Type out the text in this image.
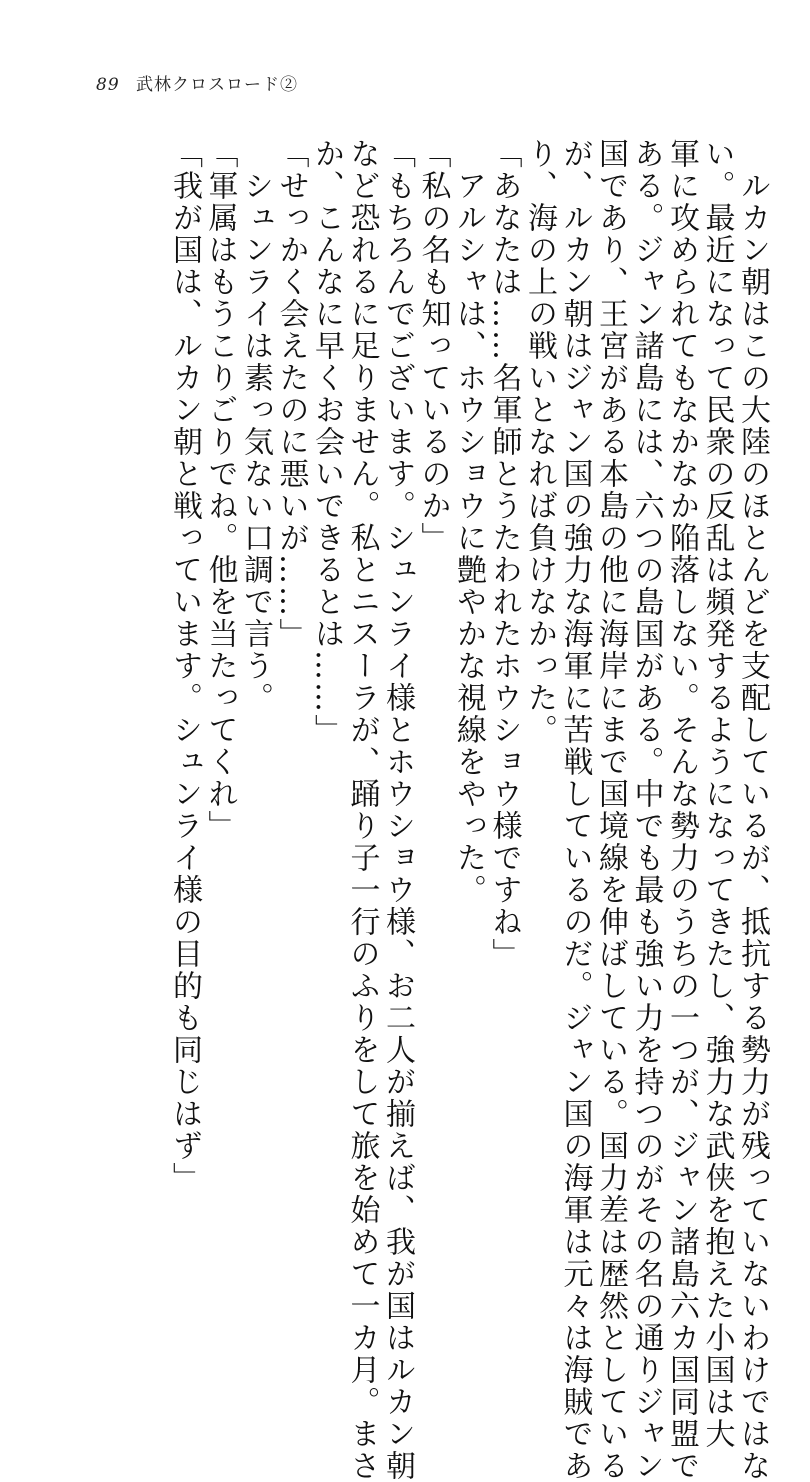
89 武林クロスロード②
ルカン朝はこの大陸のほとんどを支配しているが、抵抗する勢力が残っていないわけではな
い。最近になって民衆の反乱は頻発するようになってきたし、強力な武侠を抱えた小国は大
軍に攻められてもなかなか陥落しない。そんな勢力のうちの一つが、ジャン諸島六カ国同盟で
ある。ジャン諸島には、六つの島国がある。中でも最も強い力を持つのがその名の通りジャン
国であり、王宮がある本島の他に海岸にまで国境線を伸ばしている。国力差は歴然としている
が、ルカン朝はジャン国の強力な海軍に苦戦しているのだ。ジャン国の海軍は元々は海賊であ
り、海の上の戦いとなれば負けなかった。
「あなたは……名軍師とうたわれたホウショウ様ですね」
アルシャは、ホウショウに艶やかな視線をやった。
「私の名も知っているのか」
「もちろんでございます。シュンライ様とホウショウ様、お二人が揃えば、我が国はルカン朝
など恐れるに足りません。私とニスーラが、踊り子一行のふりをして旅を始めて一カ月。まさ
か、こんなに早くお会いできるとは……」
「せっかく会えたのに悪いが……」
シュンライは素っ気ない口調で言う。
「軍属はもうこりごりでね。他を当たってくれ」
「我が国は、ルカン朝と戦っています。シュンライ様の目的も同じはず」
